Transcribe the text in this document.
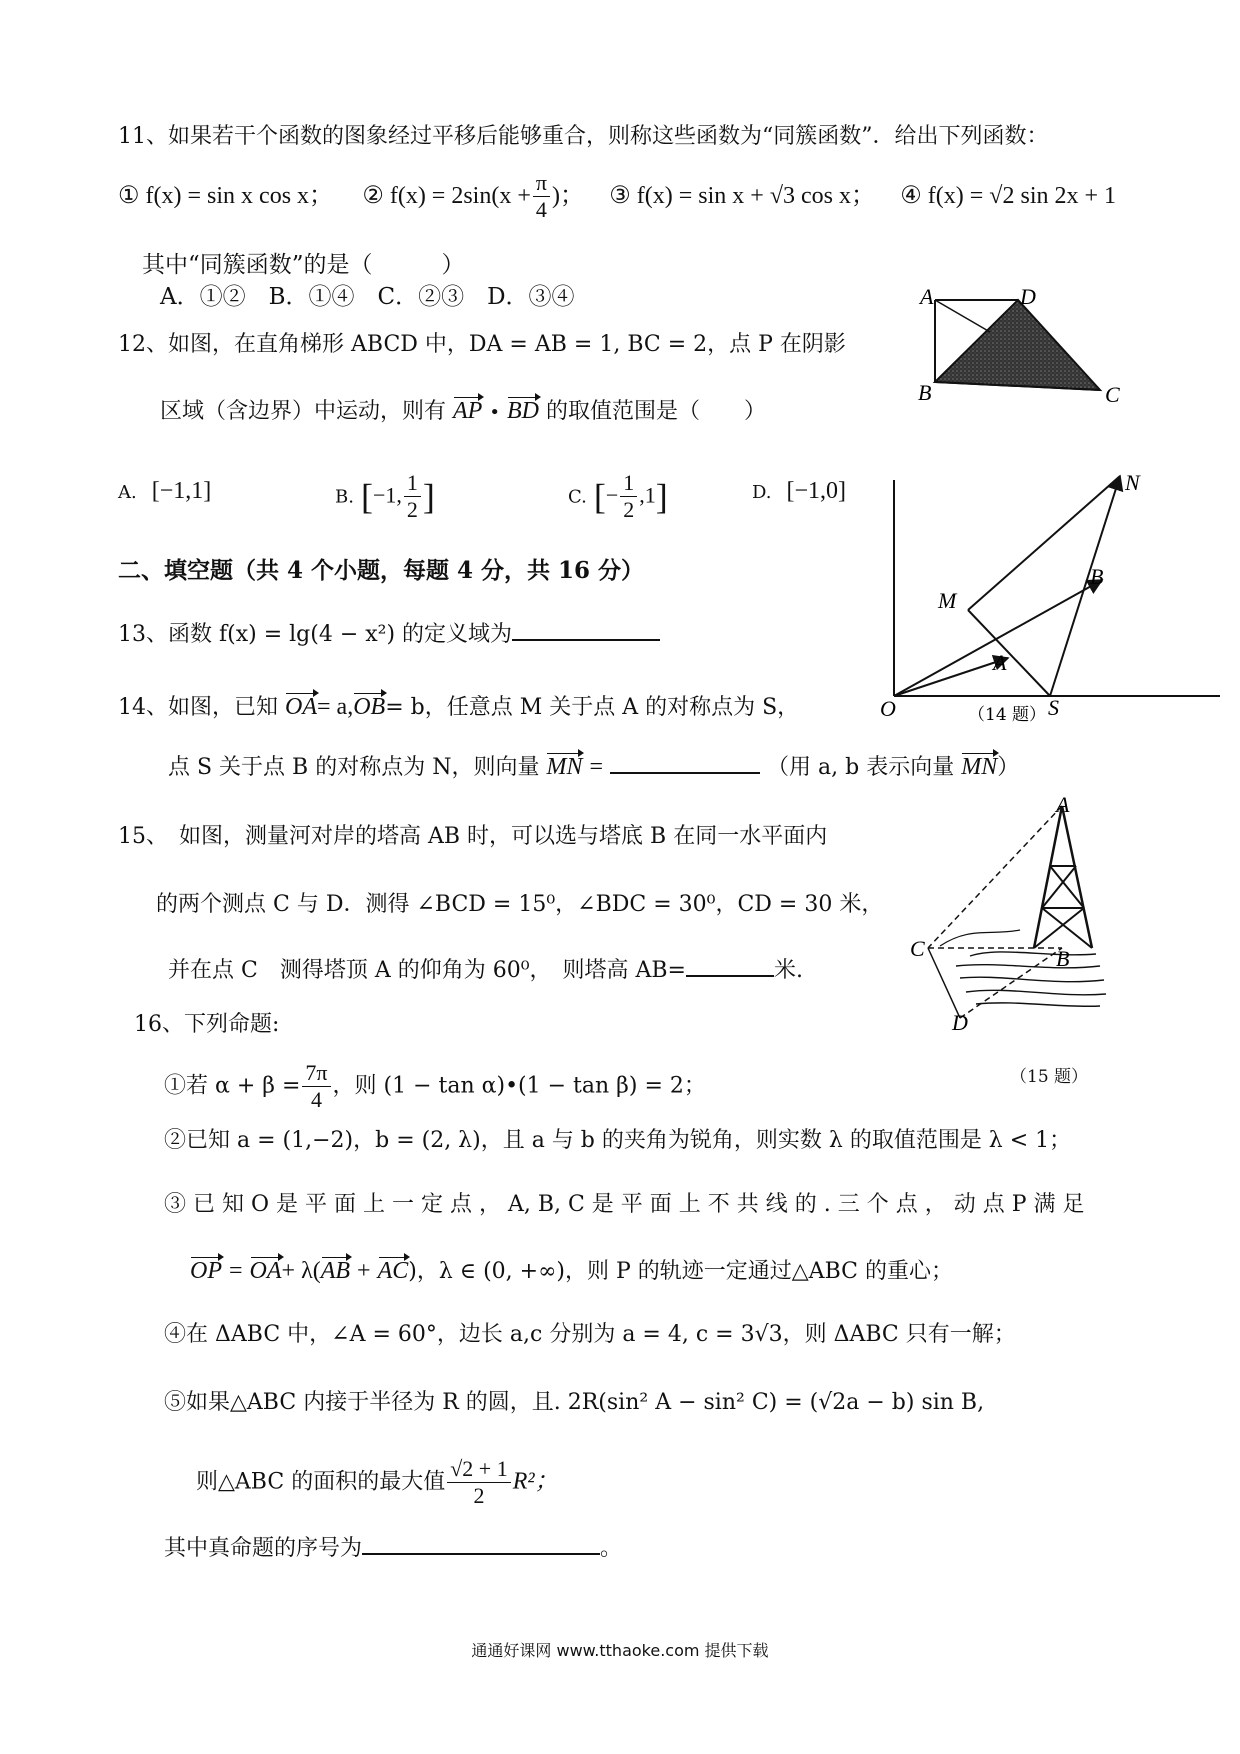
11、如果若干个函数的图象经过平移后能够重合，则称这些函数为“同簇函数”．给出下列函数：
① f(x) = sin x cos x； ② $f(x) = 2\sin(x + \frac{\pi}{4}$ )； ③ f(x) = sin x + √3 cos x； ④ f(x) = √2 sin 2x + 1
其中“同簇函数”的是（　　　）
A．①②　B．①④　C．②③　D．③④	A	D
B	C
12、如图，在直角梯形 ABCD 中，DA = AB = 1, BC = 2，点 P 在阴影
区域（含边界）中运动，则有 AP • BD 的取值范围是（　　）
A. [−1,1]	B. [−1, $\frac{1}{2}$ ]	C. [− $\frac{1}{2} ,1$]	D. [−1,0]	N
M
B
A
O	S
（14 题）
二、填空题（共 4 个小题，每题 4 分，共 16 分）
13、函数 f(x) = lg(4 − x²) 的定义域为
14、如图，已知 OA= a,OB= b，任意点 M 关于点 A 的对称点为 S，
点 S 关于点 B 的对称点为 N，则向量 MN =	（用 a, b 表示向量 MN）
A
B
C
D
（15 题）
15、　如图，测量河对岸的塔高 AB 时，可以选与塔底 B 在同一水平面内
的两个测点 C 与 D．测得 ∠BCD = 15⁰，∠BDC = 30⁰，CD = 30 米，
并在点 C　测得塔顶 A 的仰角为 60⁰，　则塔高 AB=	米.
16、下列命题:
①若 $\alpha + \beta = \frac{7\pi}{4}$ ，则 (1 − tan α)•(1 − tan β) = 2；
②已知 a = (1,−2)，b = (2, λ)，且 a 与 b 的夹角为锐角，则实数 λ 的取值范围是 λ < 1；
③ 已 知 O 是 平 面 上 一 定 点 ， A, B, C 是 平 面 上 不 共 线 的 . 三 个 点 ， 动 点 P 满 足
OP = OA+ λ(AB + AC)，λ ∈ (0, +∞)，则 P 的轨迹一定通过△ABC 的重心；
④在 ΔABC 中，∠A = 60°，边长 a,c 分别为 a = 4, c = 3√3，则 ΔABC 只有一解；
⑤如果△ABC 内接于半径为 R 的圆，且. 2R(sin² A − sin² C) = (√2a − b) sin B,
则△ABC 的面积的最大值 $\frac{√2 + 1}{2} R^2$；
其中真命题的序号为	。
通通好课网 www.tthaoke.com 提供下载
